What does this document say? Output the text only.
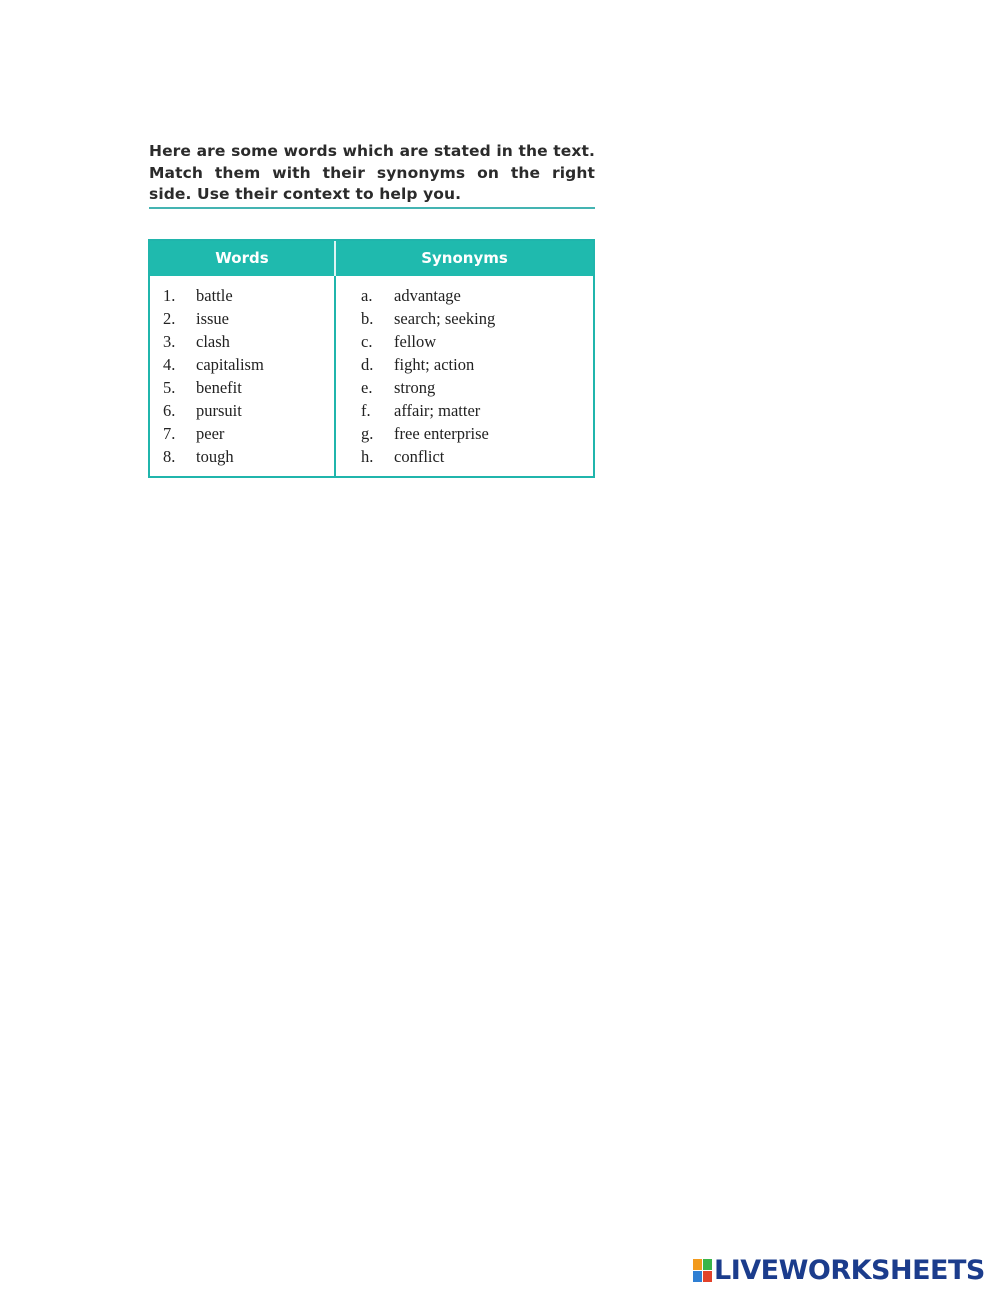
Here are some words which are stated in the text. Match them with their synonyms on the right side. Use their context to help you.
Words	Synonyms
1. battle
2. issue
3. clash
4. capitalism
5. benefit
6. pursuit
7. peer
8. tough
a. advantage
b. search; seeking
c. fellow
d. fight; action
e. strong
f. affair; matter
g. free enterprise
h. conflict
LIVEWORKSHEETS
